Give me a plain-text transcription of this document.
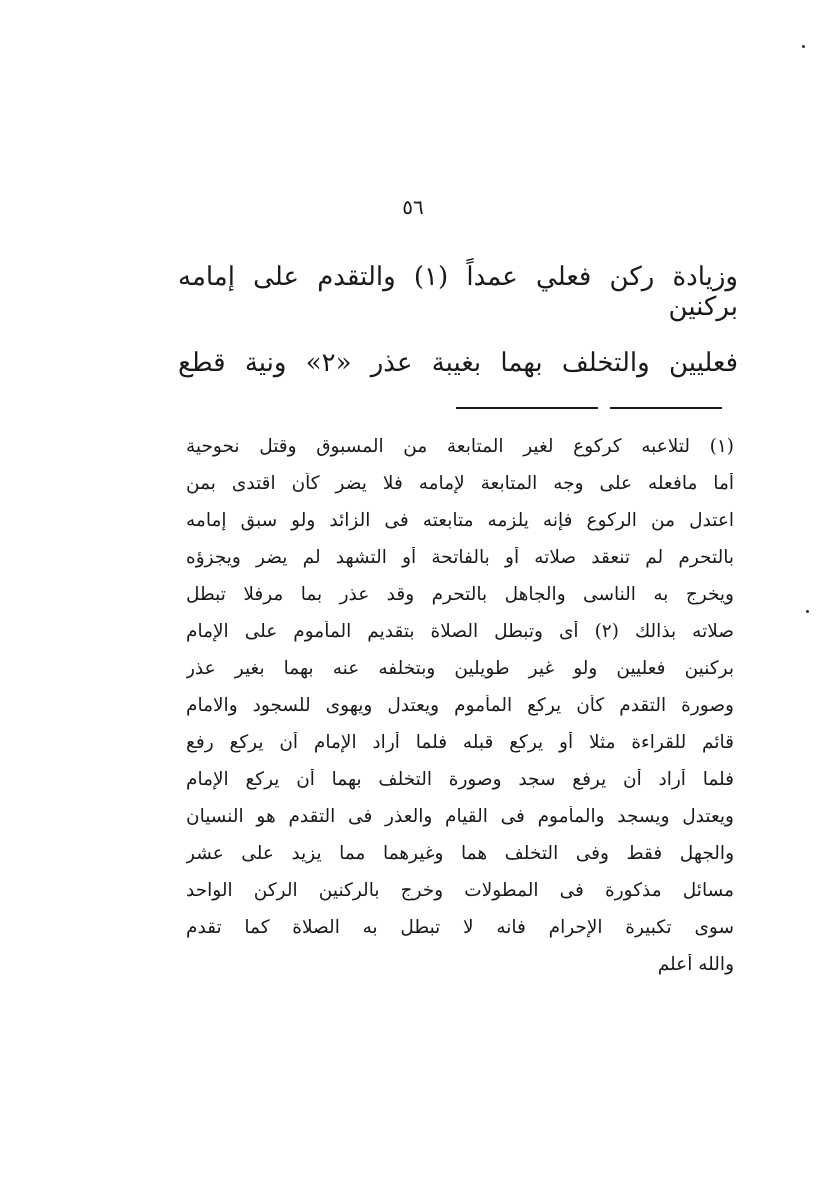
٥٦
وزيادة ركن فعلي عمداً (١) والتقدم على إمامه بركنين
فعليين والتخلف بهما بغيبة عذر «٢» ونية قطع
(١) لتلاعبه كركوع لغير المتابعة من المسبوق وقتل نحوحية
أما مافعله على وجه المتابعة لإمامه فلا يضر كأن اقتدى بمن
اعتدل من الركوع فإنه يلزمه متابعته فى الزائد ولو سبق إمامه
بالتحرم لم تنعقد صلاته أو بالفاتحة أو التشهد لم يضر ويجزؤه
ويخرج به الناسى والجاهل بالتحرم وقد عذر بما مرفلا تبطل
صلاته بذالك (٢) أى وتبطل الصلاة بتقديم المأموم على الإمام
بركنين فعليين ولو غير طويلين وبتخلفه عنه بهما بغير عذر
وصورة التقدم كأن يركع المأموم ويعتدل ويهوى للسجود والامام
قائم للقراءة مثلا أو يركع قبله فلما أراد الإمام أن يركع رفع
فلما أراد أن يرفع سجد وصورة التخلف بهما أن يركع الإمام
ويعتدل ويسجد والمأموم فى القيام والعذر فى التقدم هو النسيان
والجهل فقط وفى التخلف هما وغيرهما مما يزيد على عشر
مسائل مذكورة فى المطولات وخرج بالركنين الركن الواحد
سوى تكبيرة الإحرام فانه لا تبطل به الصلاة كما تقدم
والله أعلم
